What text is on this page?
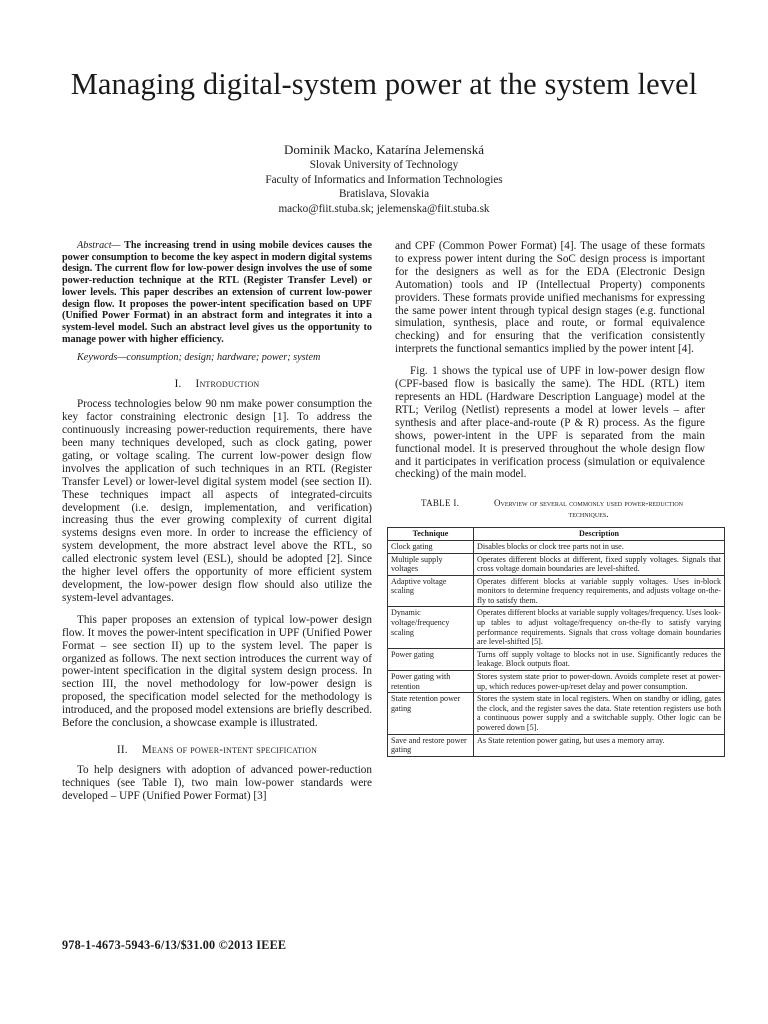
Managing digital-system power at the system level
Dominik Macko, Katarína Jelemenská
Slovak University of Technology
Faculty of Informatics and Information Technologies
Bratislava, Slovakia
macko@fiit.stuba.sk; jelemenska@fiit.stuba.sk
Abstract— The increasing trend in using mobile devices causes the power consumption to become the key aspect in modern digital systems design. The current flow for low-power design involves the use of some power-reduction technique at the RTL (Register Transfer Level) or lower levels. This paper describes an extension of current low-power design flow. It proposes the power-intent specification based on UPF (Unified Power Format) in an abstract form and integrates it into a system-level model. Such an abstract level gives us the opportunity to manage power with higher efficiency.
Keywords—consumption; design; hardware; power; system
I. Introduction
Process technologies below 90 nm make power consumption the key factor constraining electronic design [1]. To address the continuously increasing power-reduction requirements, there have been many techniques developed, such as clock gating, power gating, or voltage scaling. The current low-power design flow involves the application of such techniques in an RTL (Register Transfer Level) or lower-level digital system model (see section II). These techniques impact all aspects of integrated-circuits development (i.e. design, implementation, and verification) increasing thus the ever growing complexity of current digital systems designs even more. In order to increase the efficiency of system development, the more abstract level above the RTL, so called electronic system level (ESL), should be adopted [2]. Since the higher level offers the opportunity of more efficient system development, the low-power design flow should also utilize the system-level advantages.
This paper proposes an extension of typical low-power design flow. It moves the power-intent specification in UPF (Unified Power Format – see section II) up to the system level. The paper is organized as follows. The next section introduces the current way of power-intent specification in the digital system design process. In section III, the novel methodology for low-power design is proposed, the specification model selected for the methodology is introduced, and the proposed model extensions are briefly described. Before the conclusion, a showcase example is illustrated.
II. Means of power-intent specification
To help designers with adoption of advanced power-reduction techniques (see Table I), two main low-power standards were developed – UPF (Unified Power Format) [3]
and CPF (Common Power Format) [4]. The usage of these formats to express power intent during the SoC design process is important for the designers as well as for the EDA (Electronic Design Automation) tools and IP (Intellectual Property) components providers. These formats provide unified mechanisms for expressing the same power intent through typical design stages (e.g. functional simulation, synthesis, place and route, or formal equivalence checking) and for ensuring that the verification consistently interprets the functional semantics implied by the power intent [4].
Fig. 1 shows the typical use of UPF in low-power design flow (CPF-based flow is basically the same). The HDL (RTL) item represents an HDL (Hardware Description Language) model at the RTL; Verilog (Netlist) represents a model at lower levels – after synthesis and after place-and-route (P & R) process. As the figure shows, power-intent in the UPF is separated from the main functional model. It is preserved throughout the whole design flow and it participates in verification process (simulation or equivalence checking) of the main model.
TABLE I.	Overview of several commonly used power-reduction techniques.
Technique	Description
Clock gating	Disables blocks or clock tree parts not in use.
Multiple supply voltages	Operates different blocks at different, fixed supply voltages. Signals that cross voltage domain boundaries are level-shifted.
Adaptive voltage scaling	Operates different blocks at variable supply voltages. Uses in-block monitors to determine frequency requirements, and adjusts voltage on-the-fly to satisfy them.
Dynamic voltage/frequency scaling	Operates different blocks at variable supply voltages/frequency. Uses look-up tables to adjust voltage/frequency on-the-fly to satisfy varying performance requirements. Signals that cross voltage domain boundaries are level-shifted [5].
Power gating	Turns off supply voltage to blocks not in use. Significantly reduces the leakage. Block outputs float.
Power gating with retention	Stores system state prior to power-down. Avoids complete reset at power-up, which reduces power-up/reset delay and power consumption.
State retention power gating	Stores the system state in local registers. When on standby or idling, gates the clock, and the register saves the data. State retention registers use both a continuous power supply and a switchable supply. Other logic can be powered down [5].
Save and restore power gating	As State retention power gating, but uses a memory array.
978-1-4673-5943-6/13/$31.00 ©2013 IEEE
